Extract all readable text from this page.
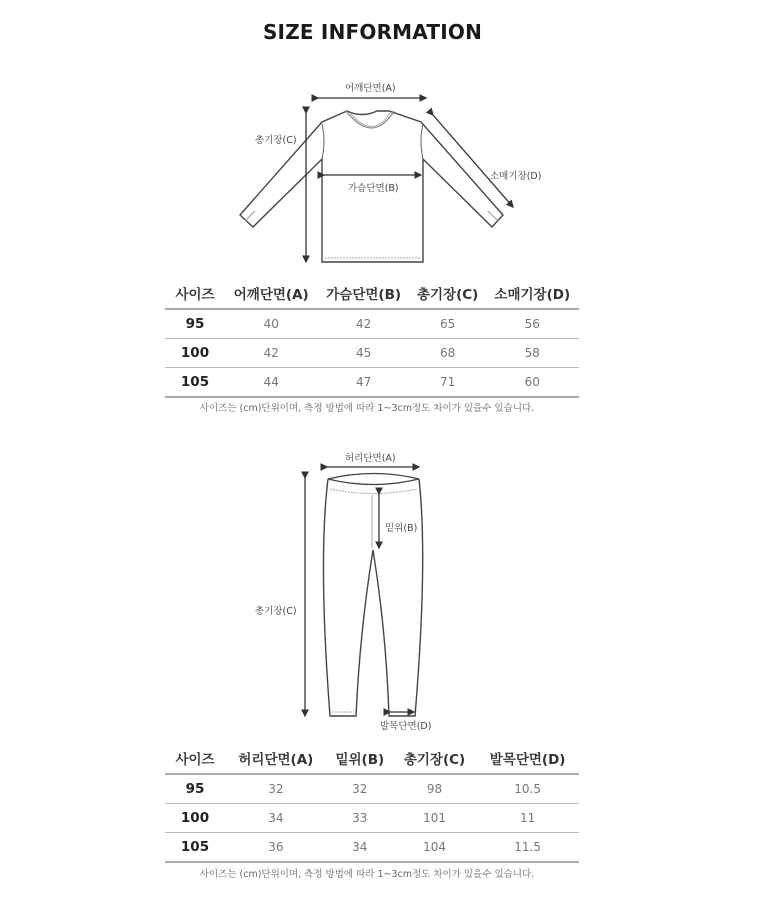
SIZE INFORMATION
어깨단면(A)
가슴단면(B)
총기장(C)
소매기장(D)
사이즈	어깨단면(A)	가슴단면(B)	총기장(C)	소매기장(D)
95	40	42	65	56
100	42	45	68	58
105	44	47	71	60
사이즈는 (cm)단위이며, 측정 방법에 따라 1~3cm정도 차이가 있을수 있습니다.
허리단면(A)
밑위(B)
총기장(C)
발목단면(D)
사이즈	허리단면(A)	밑위(B)	총기장(C)	발목단면(D)
95	32	32	98	10.5
100	34	33	101	11
105	36	34	104	11.5
사이즈는 (cm)단위이며, 측정 방법에 따라 1~3cm정도 차이가 있을수 있습니다.
